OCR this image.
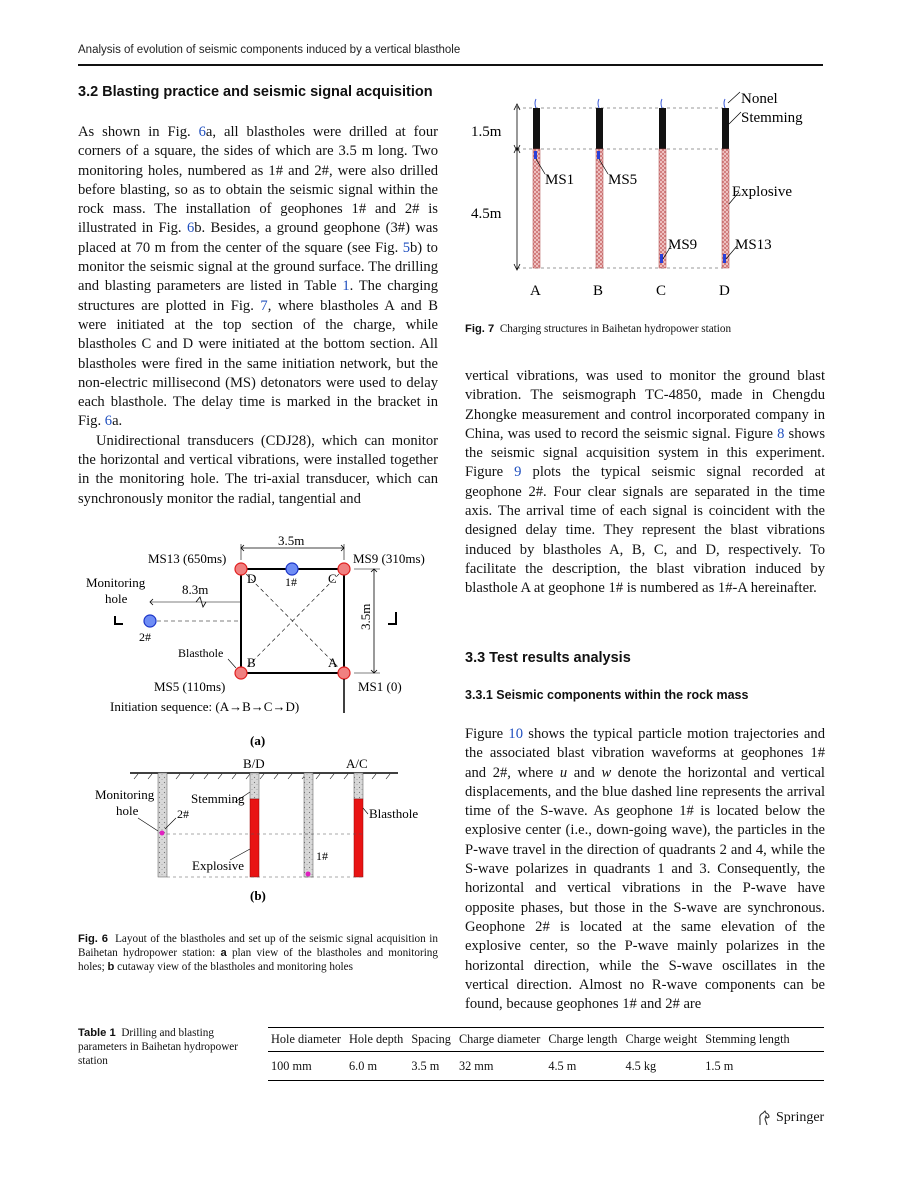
Analysis of evolution of seismic components induced by a vertical blasthole
3.2 Blasting practice and seismic signal acquisition

As shown in Fig. 6a, all blastholes were drilled at four corners of a square, the sides of which are 3.5 m long. Two monitoring holes, numbered as 1# and 2#, were also drilled before blasting, so as to obtain the seismic signal within the rock mass. The installation of geophones 1# and 2# is illustrated in Fig. 6b. Besides, a ground geophone (3#) was placed at 70 m from the center of the square (see Fig. 5b) to monitor the seismic signal at the ground surface. The drilling and blasting parameters are listed in Table 1. The charging structures are plotted in Fig. 7, where blastholes A and B were initiated at the top section of the charge, while blastholes C and D were initiated at the bottom section. All blastholes were fired in the same initiation network, but the non-electric millisecond (MS) detonators were used to delay each blasthole. The delay time is marked in the bracket in Fig. 6a.

Unidirectional transducers (CDJ28), which can monitor the horizontal and vertical vibrations, were installed together in the monitoring hole. The tri-axial transducer, which can synchronously monitor the radial, tangential and

1.5m
4.5m
Nonel
Stemming
Explosive
MS1 MS5
MS9	MS13
A	B	C	D
Fig. 7 Charging structures in Baihetan hydropower station

vertical vibrations, was used to monitor the ground blast vibration. The seismograph TC-4850, made in Chengdu Zhongke measurement and control incorporated company in China, was used to record the seismic signal. Figure 8 shows the seismic signal acquisition system in this experiment. Figure 9 plots the typical seismic signal recorded at geophone 2#. Four clear signals are separated in the time axis. The arrival time of each signal is coincident with the designed delay time. They represent the blast vibrations induced by blastholes A, B, C, and D, respectively. To facilitate the description, the blast vibration induced by blasthole A at geophone 1# is numbered as 1#-A hereinafter.

3.3 Test results analysis
3.3.1 Seismic components within the rock mass

Figure 10 shows the typical particle motion trajectories and the associated blast vibration waveforms at geophones 1# and 2#, where u and w denote the horizontal and vertical displacements, and the blue dashed line represents the arrival time of the S-wave. As geophone 1# is located below the explosive center (i.e., down-going wave), the particles in the P-wave travel in the direction of quadrants 2 and 4, while the S-wave polarizes in quadrants 1 and 3. Consequently, the horizontal and vertical vibrations in the P-wave have opposite phases, but those in the S-wave are synchronous. Geophone 2# is located at the same elevation of the explosive center, so the P-wave mainly polarizes in the horizontal direction, while the S-wave oscillates in the vertical direction. Almost no R-wave components can be found, because geophones 1# and 2# are

3.5m
3.5m
8.3m
D	C
B	A
1#
2#
MS13 (650ms)	MS9 (310ms)
MS5 (110ms)	MS1 (0)
Monitoring
hole
Blasthole
Initiation sequence: (A→B→C→D)
(a)
B/D	A/C
Monitoring
hole
Stemming
2#	Blasthole
Explosive
1#
(b)
Fig. 6 Layout of the blastholes and set up of the seismic signal acquisition in Baihetan hydropower station: a plan view of the blastholes and monitoring holes; b cutaway view of the blastholes and monitoring holes
Table 1 Drilling and blasting parameters in Baihetan hydropower station
Hole diameter	Hole depth	Spacing	Charge diameter	Charge length	Charge weight	Stemming length
100 mm	6.0 m	3.5 m	32 mm	4.5 m	4.5 kg	1.5 m
Springer
